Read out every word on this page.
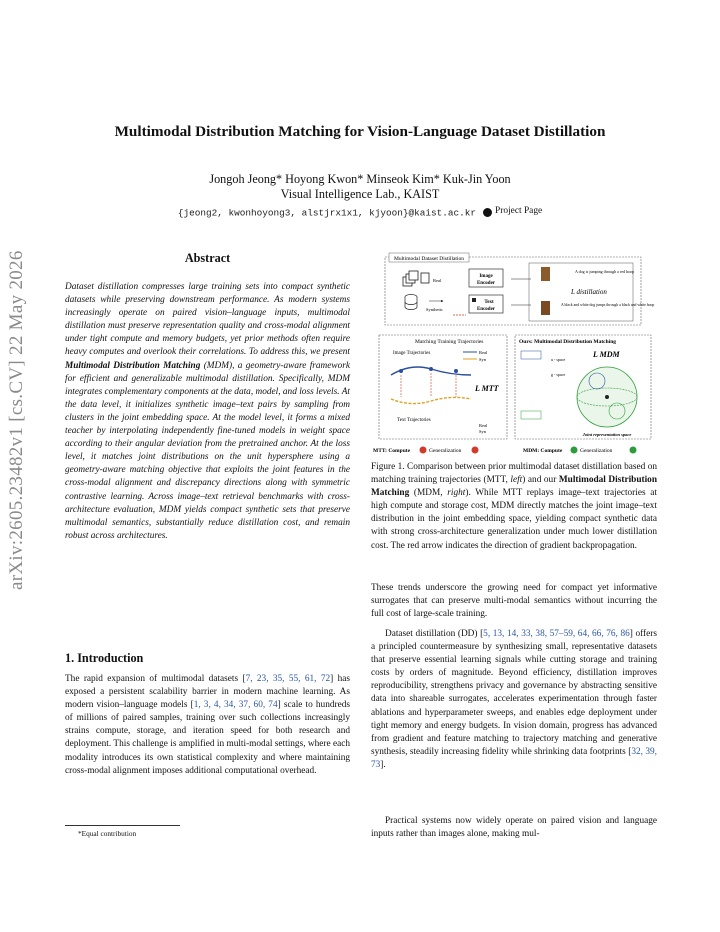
Multimodal Distribution Matching for Vision-Language Dataset Distillation
Jongoh Jeong* Hoyong Kwon* Minseok Kim* Kuk-Jin Yoon
Visual Intelligence Lab., KAIST
{jeong2, kwonhoyong3, alstjrx1x1, kjyoon}@kaist.ac.kr Project Page
arXiv:2605.23482v1 [cs.CV] 22 May 2026	Abstract
Dataset distillation compresses large training sets into compact synthetic datasets while preserving downstream performance. As modern systems increasingly operate on paired vision–language inputs, multimodal distillation must preserve representation quality and cross-modal alignment under tight compute and memory budgets, yet prior methods often require heavy computes and overlook their correlations. To address this, we present Multimodal Distribution Matching (MDM), a geometry-aware framework for efficient and generalizable multimodal distillation. Specifically, MDM integrates complementary components at the data, model, and loss levels. At the data level, it initializes synthetic image–text pairs by sampling from clusters in the joint embedding space. At the model level, it forms a mixed teacher by interpolating independently fine-tuned models in weight space according to their angular deviation from the pretrained anchor. At the loss level, it matches joint distributions on the unit hypersphere using a geometry-aware matching objective that exploits the joint features in the cross-modal alignment and discrepancy directions along with symmetric contrastive learning. Across image–text retrieval benchmarks with cross-architecture evaluation, MDM yields compact synthetic sets that preserve multimodal semantics, substantially reduce distillation cost, and remain robust across architectures.
1. Introduction
The rapid expansion of multimodal datasets [7, 23, 35, 55, 61, 72] has exposed a persistent scalability barrier in modern machine learning. As modern vision–language models [1, 3, 4, 34, 37, 60, 74] scale to hundreds of millions of paired samples, training over such collections increasingly strains compute, storage, and iteration speed for both research and deployment. This challenge is amplified in multi-modal settings, where each modality introduces its own statistical complexity and where maintaining cross-modal alignment imposes additional computational overhead.
*Equal contribution
Multimodal Dataset Distillation
Real
Synthetic
Image
Encoder
Text
Encoder
A dog is jumping through a red hoop
A black and white dog jumps through a black and white hoop
L distillation
Matching Training Trajectories
Image Trajectories	Real
Syn
L MTT
Text Trajectories
Real
Syn
Ours: Multimodal Distribution Matching
L MDM
u - space
g - space
Joint representation space
MTT: Compute	Generalization	MDM: Compute	Generalization
Figure 1. Comparison between prior multimodal dataset distillation based on matching training trajectories (MTT, left) and our Multimodal Distribution Matching (MDM, right). While MTT replays image–text trajectories at high compute and storage cost, MDM directly matches the joint image–text distribution in the joint embedding space, yielding compact synthetic data with strong cross-architecture generalization under much lower distillation cost. The red arrow indicates the direction of gradient backpropagation.
These trends underscore the growing need for compact yet informative surrogates that can preserve multi-modal semantics without incurring the full cost of large-scale training.
Dataset distillation (DD) [5, 13, 14, 33, 38, 57–59, 64, 66, 76, 86] offers a principled countermeasure by synthesizing small, representative datasets that preserve essential learning signals while cutting storage and training costs by orders of magnitude. Beyond efficiency, distillation improves reproducibility, strengthens privacy and governance by abstracting sensitive data into shareable surrogates, accelerates experimentation through faster ablations and hyperparameter sweeps, and enables edge deployment under tight memory and energy budgets. In vision domain, progress has advanced from gradient and feature matching to trajectory matching and generative synthesis, steadily increasing fidelity while shrinking data footprints [32, 39, 73].
Practical systems now widely operate on paired vision and language inputs rather than images alone, making mul-
